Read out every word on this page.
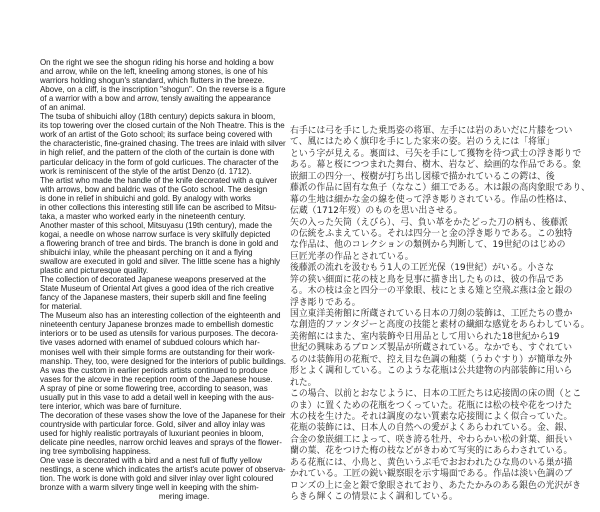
On the right we see the shogun riding his horse and holding a bow
and arrow, while on the left, kneeling among stones, is one of his
warriors holding shogun's standard, which flutters in the breeze.
Above, on a cliff, is the inscription "shogun". On the reverse is a figure
of a warrior with a bow and arrow, tensly awaiting the appearance
of an animal.
The tsuba of shibuichi alloy (18th century) depicts sakura in bloom,
its top towering over the closed curtain of the Noh Theatre. This is the
work of an artist of the Goto school; its surface being covered with
the characteristic, fine-grained chasing. The trees are inlaid with silver
in high relief, and the pattern of the cloth of the curtain is done with
particular delicacy in the form of gold curlicues. The character of the
work is reminiscent of the style of the artist Denzo (d. 1712).
The artist who made the handle of the knife decorated with a quiver
with arrows, bow and baldric was of the Goto school. The design
is done in relief in shibuichi and gold. By analogy with works
in other collections this interesting still life can be ascribed to Mitsu-
taka, a master who worked early in the nineteenth century.
Another master of this school, Mitsuyasu (19th century), made the
kogai, a needle on whose narrow surface is very skilfully depicted
a flowering branch of tree and birds. The branch is done in gold and
shibuichi inlay, while the pheasant perching on it and a flying
swallow are executed in gold and silver. The little scene has a highly
plastic and picturesque quality.
The collection of decorated Japanese weapons preserved at the
State Museum of Oriental Art gives a good idea of the rich creative
fancy of the Japanese masters, their superb skill and fine feeling
for material.
The Museum also has an interesting collection of the eighteenth and
nineteenth century Japanese bronzes made to embellish domestic
interiors or to be used as utensils for various purposes. The decora-
tive vases adorned with enamel of subdued colours which har-
monises well with their simple forms are outstanding for their work-
manship. They, too, were designed for the interiors of public buildings.
As was the custom in earlier periods artists continued to produce
vases for the alcove in the reception room of the Japanese house.
A spray of pine or some flowering tree, according to season, was
usually put in this vase to add a detail well in keeping with the aus-
tere interior, which was bare of furniture.
The decoration of these vases show the love of the Japanese for their
countryside with particular force. Gold, silver and alloy inlay was
used for highly realistic portrayals of luxuriant peonies in bloom,
delicate pine needles, narrow orchid leaves and sprays of the flower-
ing tree symbolising happiness.
One vase is decorated with a bird and a nest full of fluffy yellow
nestlings, a scene which indicates the artist's acute power of observa-
tion. The work is done with gold and silver inlay over light coloured
bronze with a warm silvery tinge well in keeping with the shim-
mering image.
右手には弓を手にした乗馬姿の将軍、左手には岩のあいだに片膝をつい
て、風にはためく旗印を手にした家来の姿。岩のうえには「将軍」
という字が見える。裏面は、弓矢を手にして獲物を待つ武士の浮き彫りで
ある。幕と桜につつまれた舞台、樹木、岩など、絵画的な作品である。象
嵌細工の四分一、桜樹が打ち出し図様で描かれているこの鍔は、後
藤派の作品に固有な魚子（ななこ）細工である。木は銀の高肉象眼であり、
幕の生地は細かな金の線を使って浮き彫りされている。作品の性格は、
伝蔵（1712年歿）のものを思い出させる。
矢の入った矢筒（えびら）、弓、負い革をかたどった刀の柄も、後藤派
の伝統をふまえている。それは四分一と金の浮き彫りである。この独特
な作品は、他のコレクションの類例から判断して、19世紀のはじめの
巨匠光孝の作品とされている。
後藤派の流れを汲むもう1人の工匠光保（19世紀）がいる。小さな
笄の狭い細面に花の枝と鳥を見事に描き出したものは、彼の作品であ
る。木の枝は金と四分一の平象眼、枝にとまる雉と空飛ぶ燕は金と銀の
浮き彫りである。
国立東洋美術館に所蔵されている日本の刀剣の装飾は、工匠たちの豊か
な創造的ファンタジーと高度の技能と素材の繊細な感覚をあらわしている。
美術館にはまた、室内装飾や日用品として用いられた18世紀から19
世紀の興味あるブロンズ製品が所蔵されている。なかでも、すぐれてい
るのは装飾用の花瓶で、控え目な色調の釉薬（うわぐすり）が簡単な外
形とよく調和している。このような花瓶は公共建物の内部装飾に用いら
れた。
この場合、以前とおなじように、日本の工匠たちは応接間の床の間（とこ
のま）に置くための花瓶をつくっていた。花瓶には松の枝や花をつけた
木の枝を生けた。それは調度のない質素な応接間によく似合っていた。
花瓶の装飾には、日本人の自然への愛がよくあらわれている。金、銀、
合金の象嵌細工によって、咲き誇る牡丹、やわらかい松の針葉、細長い
蘭の葉、花をつけた梅の枝などがきわめて写実的にあらわされている。
ある花瓶には、小鳥と、黄色いうぶ毛でおおわれたひな鳥のいる巣が描
かれている。工匠の鋭い観察眼を示す場面である。作品は淡い色調のブ
ロンズの上に金と銀で象眼されており、あたたかみのある銀色の光沢がき
らきら輝くこの情景によく調和している。
